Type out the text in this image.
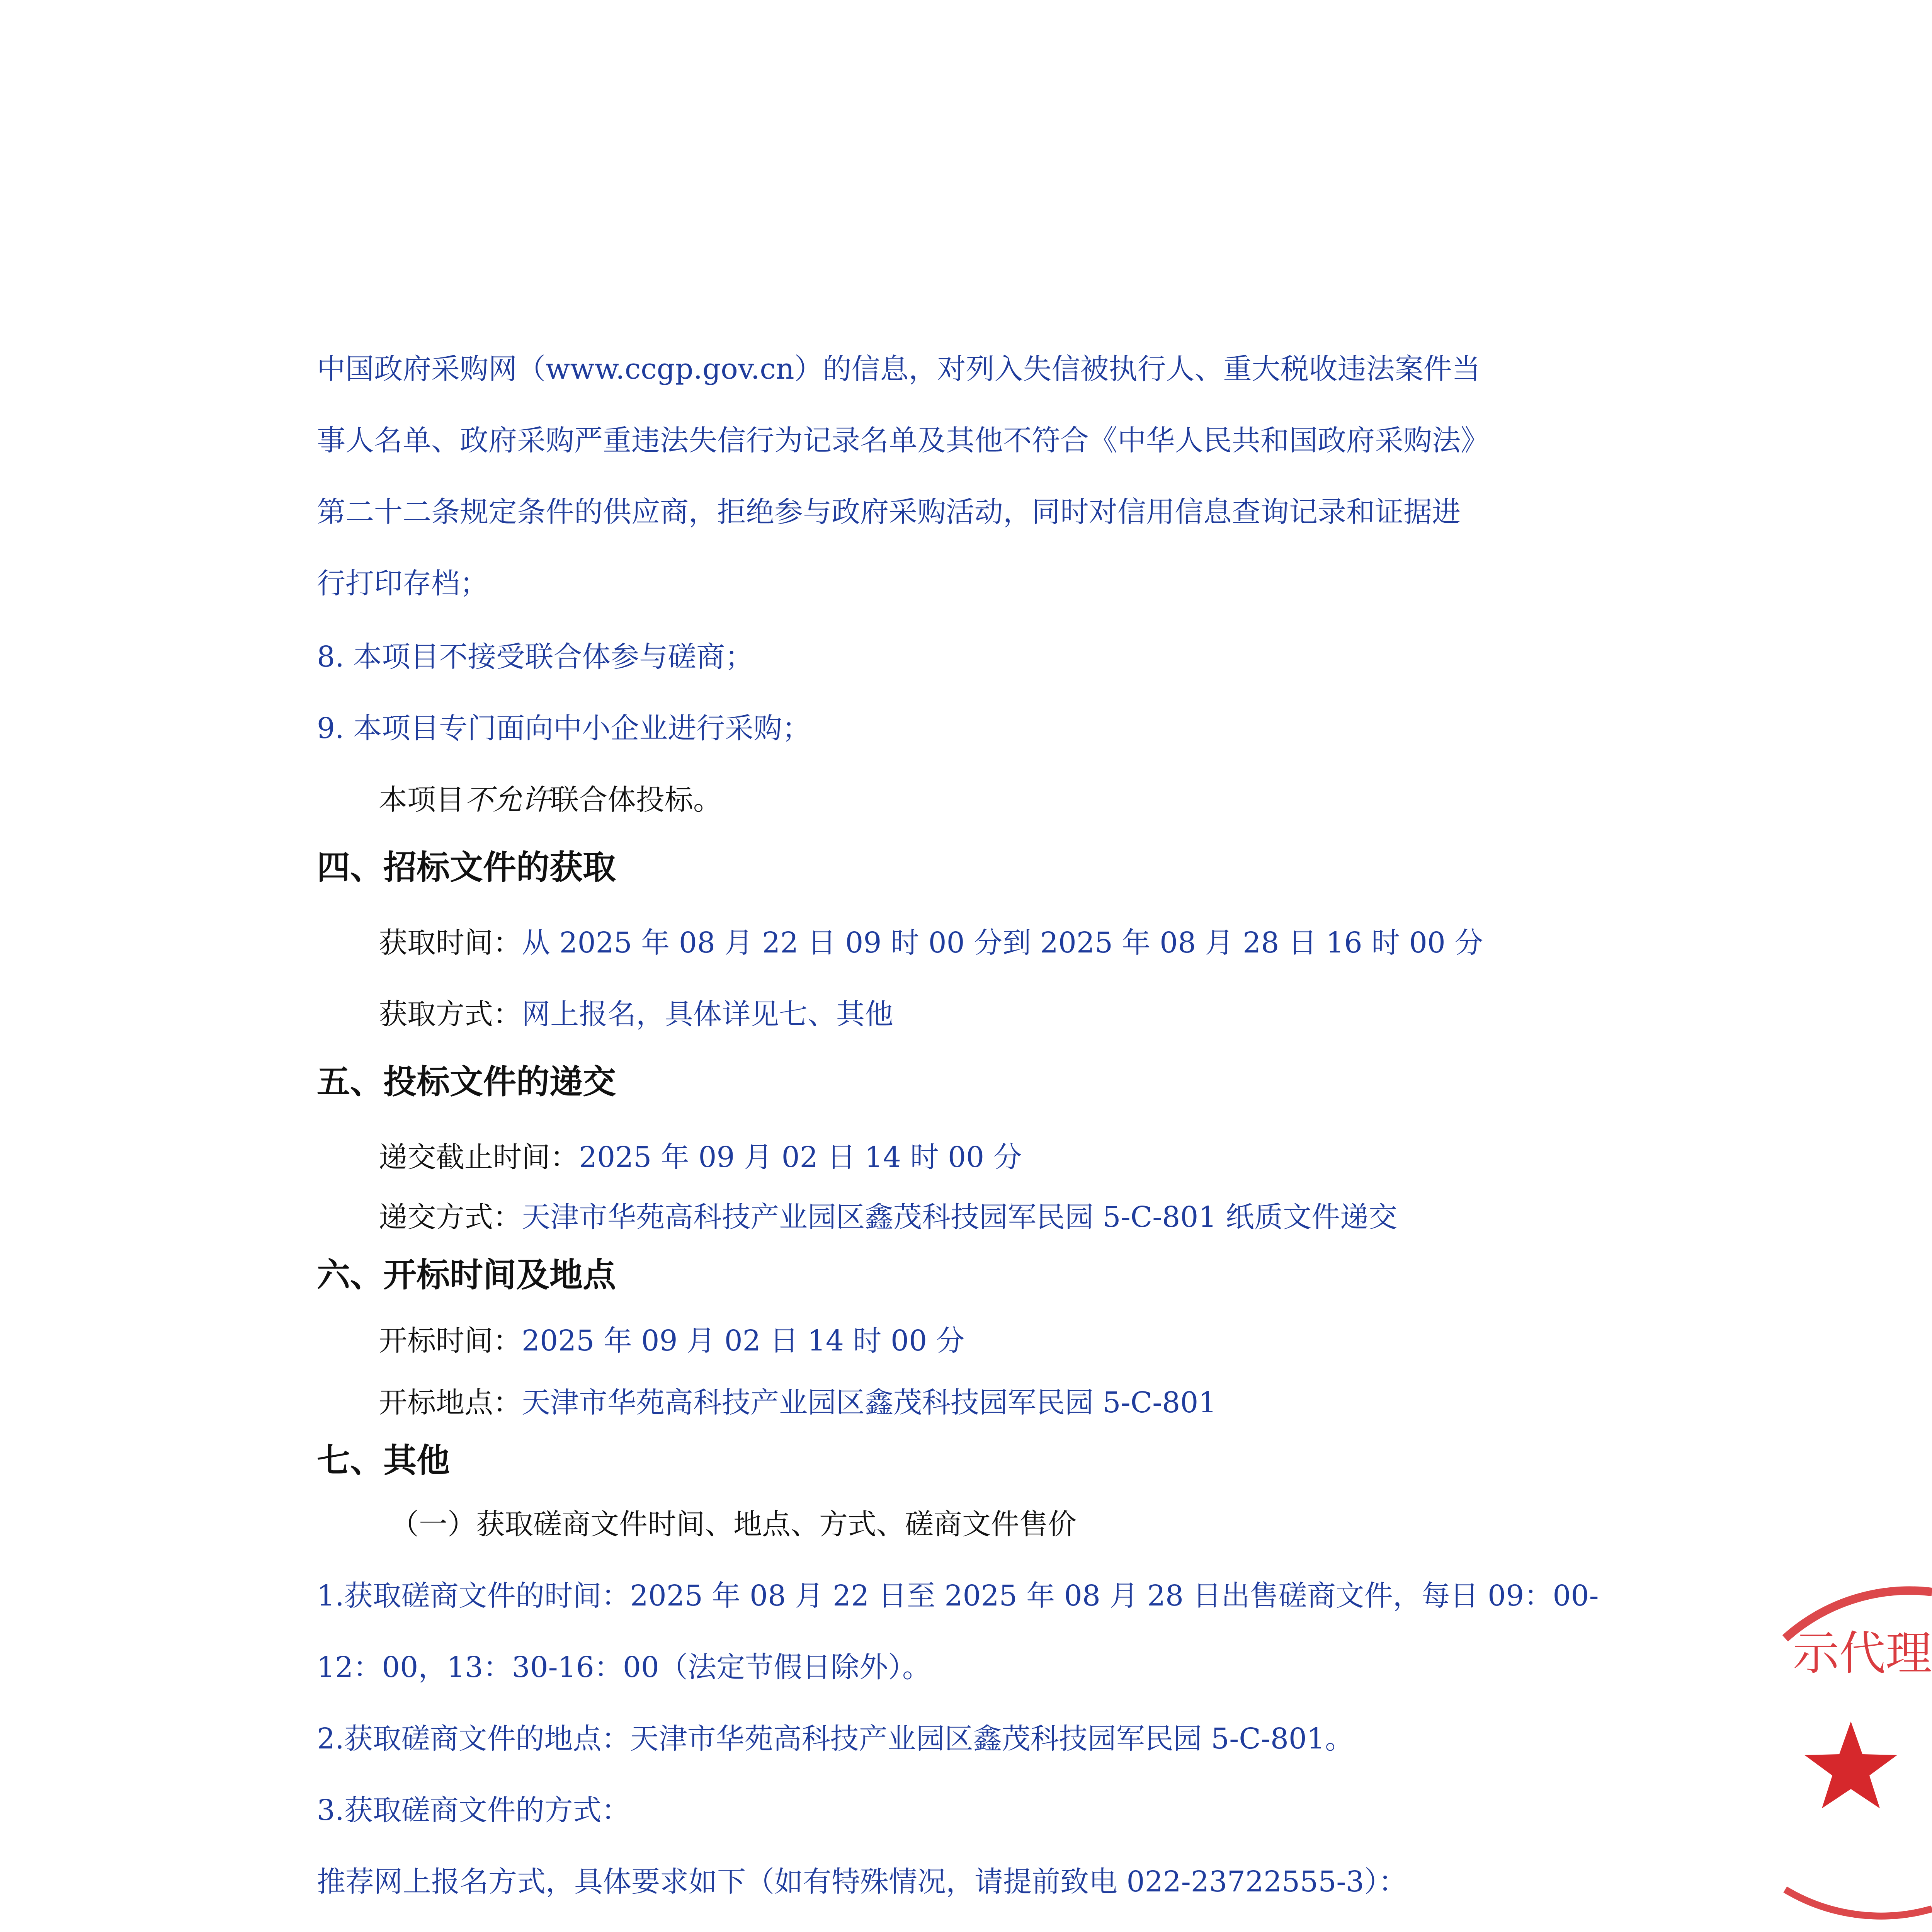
中国政府采购网（www.ccgp.gov.cn）的信息，对列入失信被执行人、重大税收违法案件当
事人名单、政府采购严重违法失信行为记录名单及其他不符合《中华人民共和国政府采购法》
第二十二条规定条件的供应商，拒绝参与政府采购活动，同时对信用信息查询记录和证据进
行打印存档；
8. 本项目不接受联合体参与磋商；
9. 本项目专门面向中小企业进行采购；
本项目不允许联合体投标。
四、招标文件的获取
获取时间：从 2025 年 08 月 22 日 09 时 00 分到 2025 年 08 月 28 日 16 时 00 分
获取方式：网上报名，具体详见七、其他
五、投标文件的递交
递交截止时间：2025 年 09 月 02 日 14 时 00 分
递交方式：天津市华苑高科技产业园区鑫茂科技园军民园 5-C-801 纸质文件递交
六、开标时间及地点
开标时间：2025 年 09 月 02 日 14 时 00 分
开标地点：天津市华苑高科技产业园区鑫茂科技园军民园 5-C-801
七、其他
（一）获取磋商文件时间、地点、方式、磋商文件售价
1.获取磋商文件的时间：2025 年 08 月 22 日至 2025 年 08 月 28 日出售磋商文件，每日 09：00-
12：00，13：30-16：00（法定节假日除外）。
2.获取磋商文件的地点：天津市华苑高科技产业园区鑫茂科技园军民园 5-C-801。
3.获取磋商文件的方式：
推荐网上报名方式，具体要求如下（如有特殊情况，请提前致电 022-23722555-3）：
示代理
